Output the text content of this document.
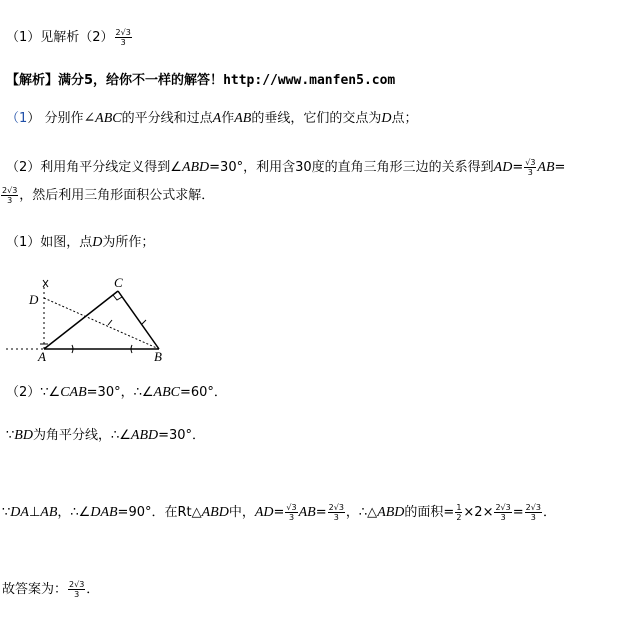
（1）见解析$(2) \frac{2√3}{3}$
【解析】满分5，给你不一样的解答！http://www.manfen5.com
（1） 分别作∠ABC的平分线和过点A作AB的垂线，它们的交点为D点；
（2）利用角平分线定义得到∠ABD=30°，利用含30度的直角三角形三边的关系得到$AD= \frac{√3}{3} AB=$
$\frac{2√3}{3}$ ，然后利用三角形面积公式求解．
（1）如图，点D为所作；
A	B
C
D
（2）∵∠CAB=30°，∴∠ABC=60°．
∵BD为角平分线，∴∠ABD=30°．
∵DA⊥AB，∴∠DAB=90°．在Rt△ABD中，$AD= \frac{√3}{3} AB= \frac{2√3}{3}$ ，∴△ABD的面积= $\frac{1}{2} \times 2\times \frac{2√3}{3} = \frac{2√3}{3}$ ．
故答案为： $\frac{2√3}{3}$ ．
